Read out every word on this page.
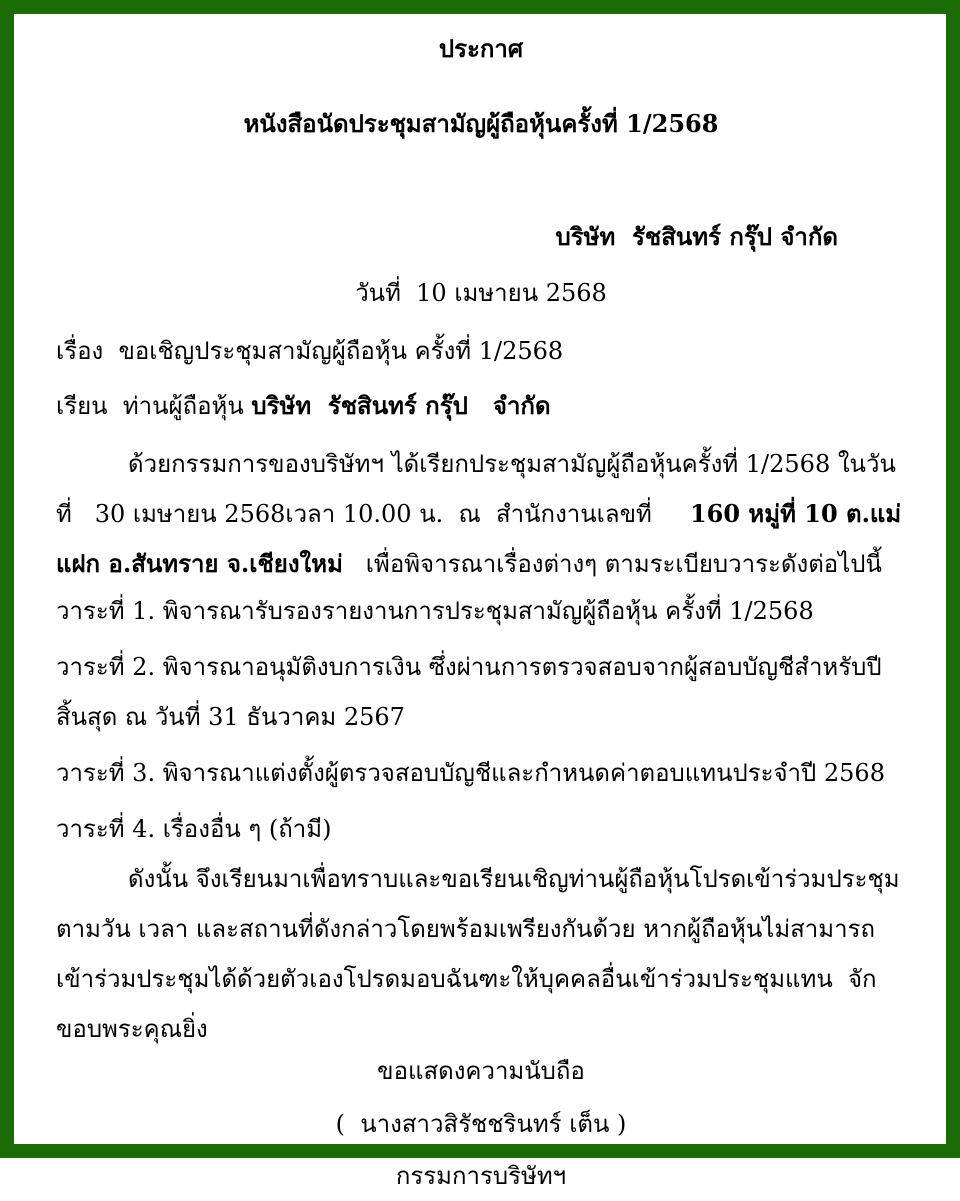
ประกาศ
หนังสือนัดประชุมสามัญผู้ถือหุ้นครั้งที่ 1/2568
บริษัท  รัชสินทร์ กรุ๊ป จำกัด
วันที่  10 เมษายน 2568
เรื่อง  ขอเชิญประชุมสามัญผู้ถือหุ้น ครั้งที่ 1/2568
เรียน  ท่านผู้ถือหุ้น บริษัท  รัชสินทร์ กรุ๊ป   จำกัด

ด้วยกรรมการของบริษัทฯ ได้เรียกประชุมสามัญผู้ถือหุ้นครั้งที่ 1/2568 ในวันที่   30 เมษายน 2568เวลา 10.00 น.  ณ  สำนักงานเลขที่     160 หมู่ที่ 10 ต.แม่แฝก อ.สันทราย จ.เชียงใหม่   เพื่อพิจารณาเรื่องต่างๆ ตามระเบียบวาระดังต่อไปนี้

วาระที่ 1. พิจารณารับรองรายงานการประชุมสามัญผู้ถือหุ้น ครั้งที่ 1/2568
วาระที่ 2. พิจารณาอนุมัติงบการเงิน ซึ่งผ่านการตรวจสอบจากผู้สอบบัญชีสำหรับปีสิ้นสุด ณ วันที่ 31 ธันวาคม 2567
วาระที่ 3. พิจารณาแต่งตั้งผู้ตรวจสอบบัญชีและกำหนดค่าตอบแทนประจำปี 2568
วาระที่ 4. เรื่องอื่น ๆ (ถ้ามี)

ดังนั้น จึงเรียนมาเพื่อทราบและขอเรียนเชิญท่านผู้ถือหุ้นโปรดเข้าร่วมประชุมตามวัน เวลา และสถานที่ดังกล่าวโดยพร้อมเพรียงกันด้วย หากผู้ถือหุ้นไม่สามารถเข้าร่วมประชุมได้ด้วยตัวเองโปรดมอบฉันฑะให้บุคคลอื่นเข้าร่วมประชุมแทน  จักขอบพระคุณยิ่ง

ขอแสดงความนับถือ
(  นางสาวสิรัชชรินทร์ เต็น )
กรรมการบริษัทฯ
